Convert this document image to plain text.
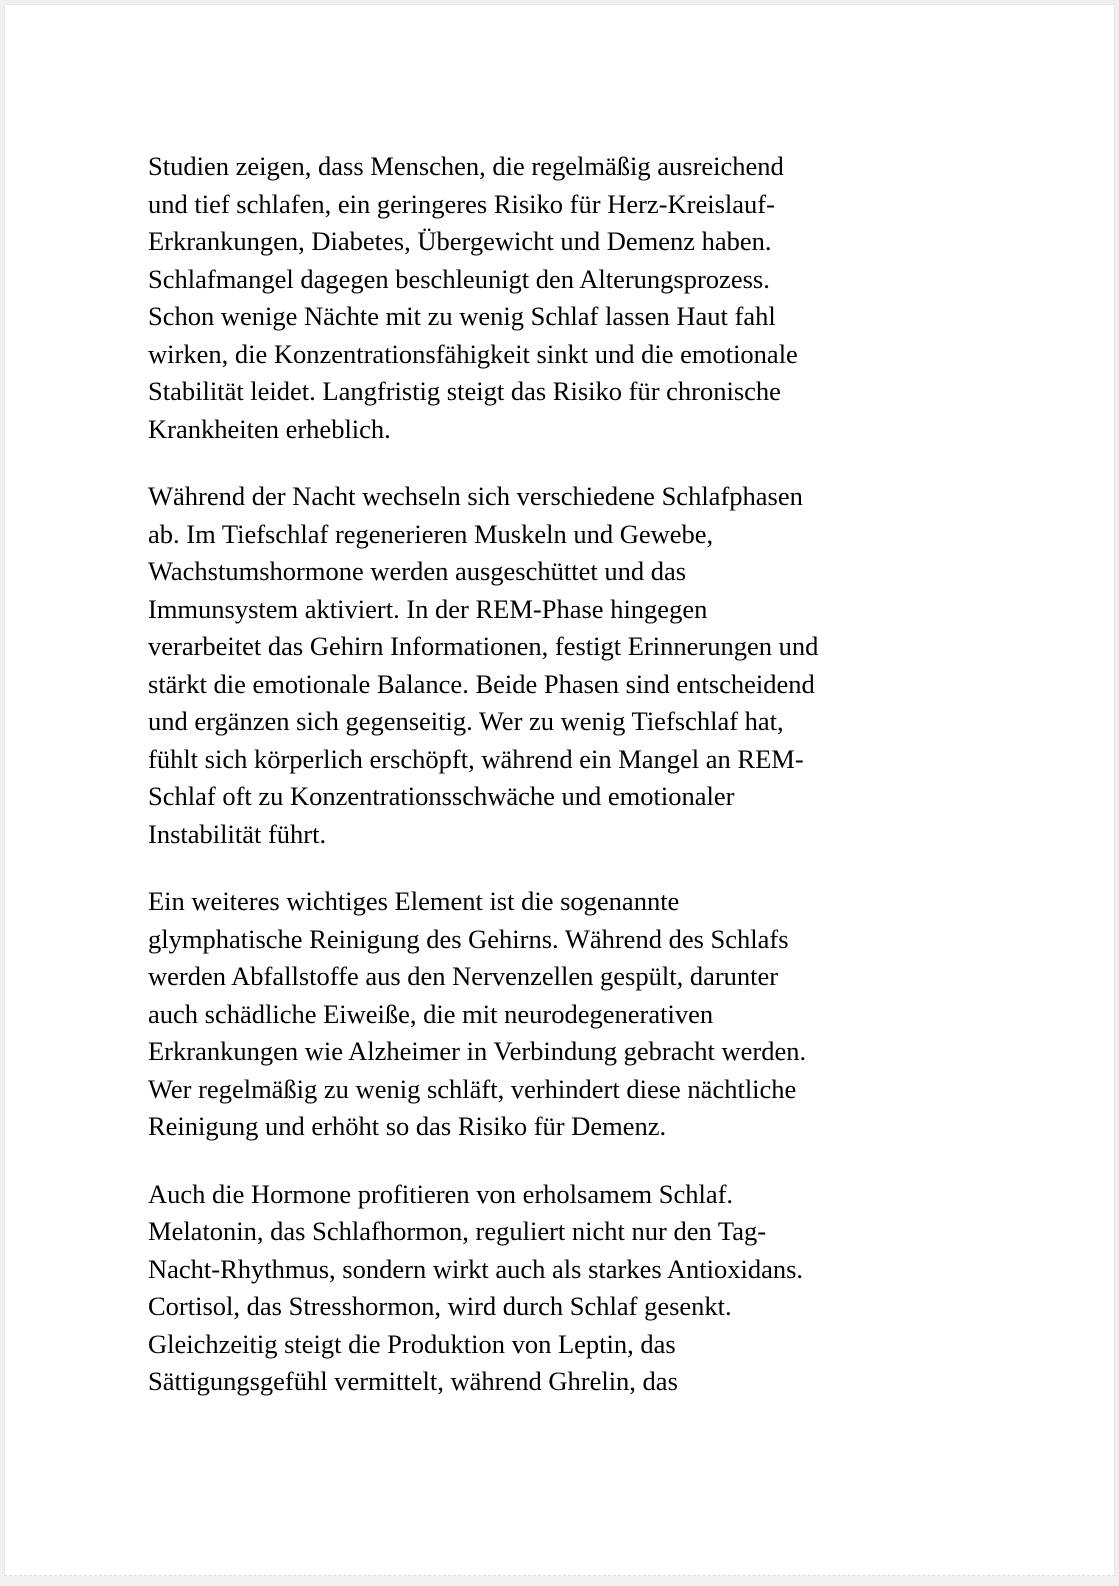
Studien zeigen, dass Menschen, die regelmäßig ausreichend
und tief schlafen, ein geringeres Risiko für Herz-Kreislauf-
Erkrankungen, Diabetes, Übergewicht und Demenz haben.
Schlafmangel dagegen beschleunigt den Alterungsprozess.
Schon wenige Nächte mit zu wenig Schlaf lassen Haut fahl
wirken, die Konzentrationsfähigkeit sinkt und die emotionale
Stabilität leidet. Langfristig steigt das Risiko für chronische
Krankheiten erheblich.

Während der Nacht wechseln sich verschiedene Schlafphasen
ab. Im Tiefschlaf regenerieren Muskeln und Gewebe,
Wachstumshormone werden ausgeschüttet und das
Immunsystem aktiviert. In der REM-Phase hingegen
verarbeitet das Gehirn Informationen, festigt Erinnerungen und
stärkt die emotionale Balance. Beide Phasen sind entscheidend
und ergänzen sich gegenseitig. Wer zu wenig Tiefschlaf hat,
fühlt sich körperlich erschöpft, während ein Mangel an REM-
Schlaf oft zu Konzentrationsschwäche und emotionaler
Instabilität führt.

Ein weiteres wichtiges Element ist die sogenannte
glymphatische Reinigung des Gehirns. Während des Schlafs
werden Abfallstoffe aus den Nervenzellen gespült, darunter
auch schädliche Eiweiße, die mit neurodegenerativen
Erkrankungen wie Alzheimer in Verbindung gebracht werden.
Wer regelmäßig zu wenig schläft, verhindert diese nächtliche
Reinigung und erhöht so das Risiko für Demenz.

Auch die Hormone profitieren von erholsamem Schlaf.
Melatonin, das Schlafhormon, reguliert nicht nur den Tag-
Nacht-Rhythmus, sondern wirkt auch als starkes Antioxidans.
Cortisol, das Stresshormon, wird durch Schlaf gesenkt.
Gleichzeitig steigt die Produktion von Leptin, das
Sättigungsgefühl vermittelt, während Ghrelin, das
